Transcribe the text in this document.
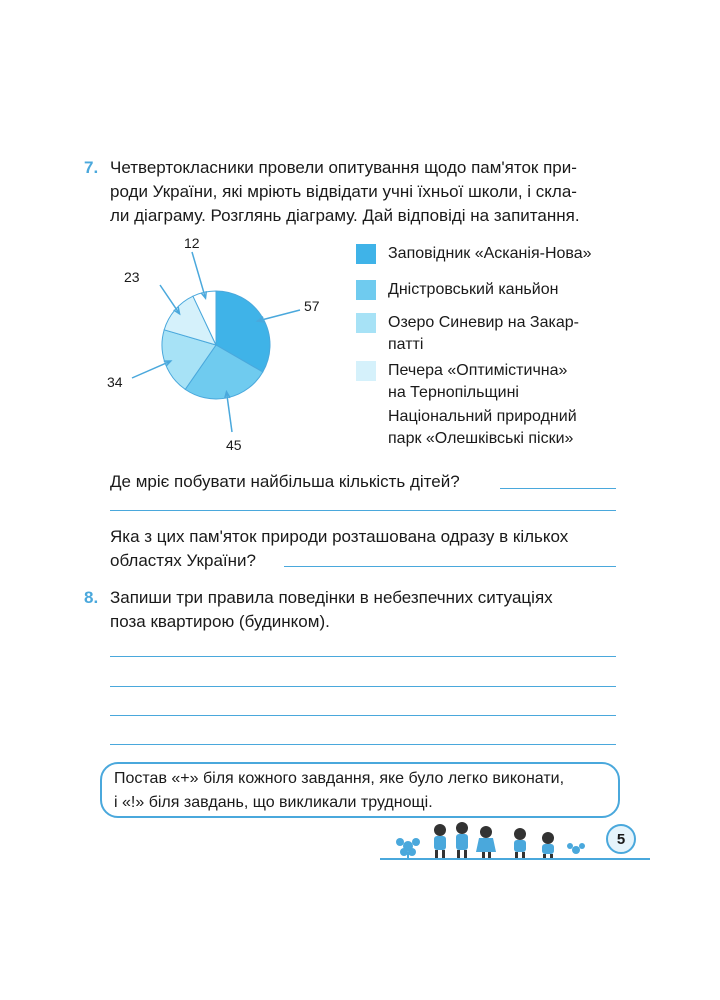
7. Четвертокласники провели опитування щодо пам'яток при-
роди України, які мріють відвідати учні їхньої школи, і скла-
ли діаграму. Розглянь діаграму. Дай відповіді на запитання.
57
45
34
23
12
Заповідник «Асканія-Нова»
Дністровський каньйон
Озеро Синевир на Закар-
патті
Печера «Оптимістична»
на Тернопільщині
Національний природний
парк «Олешківські піски»
Де мріє побувати найбільша кількість дітей?
Яка з цих пам'яток природи розташована одразу в кількох
областях України?
8. Запиши три правила поведінки в небезпечних ситуаціях
поза квартирою (будинком).
Постав «+» біля кожного завдання, яке було легко виконати,
і «!» біля завдань, що викликали труднощі.
5
